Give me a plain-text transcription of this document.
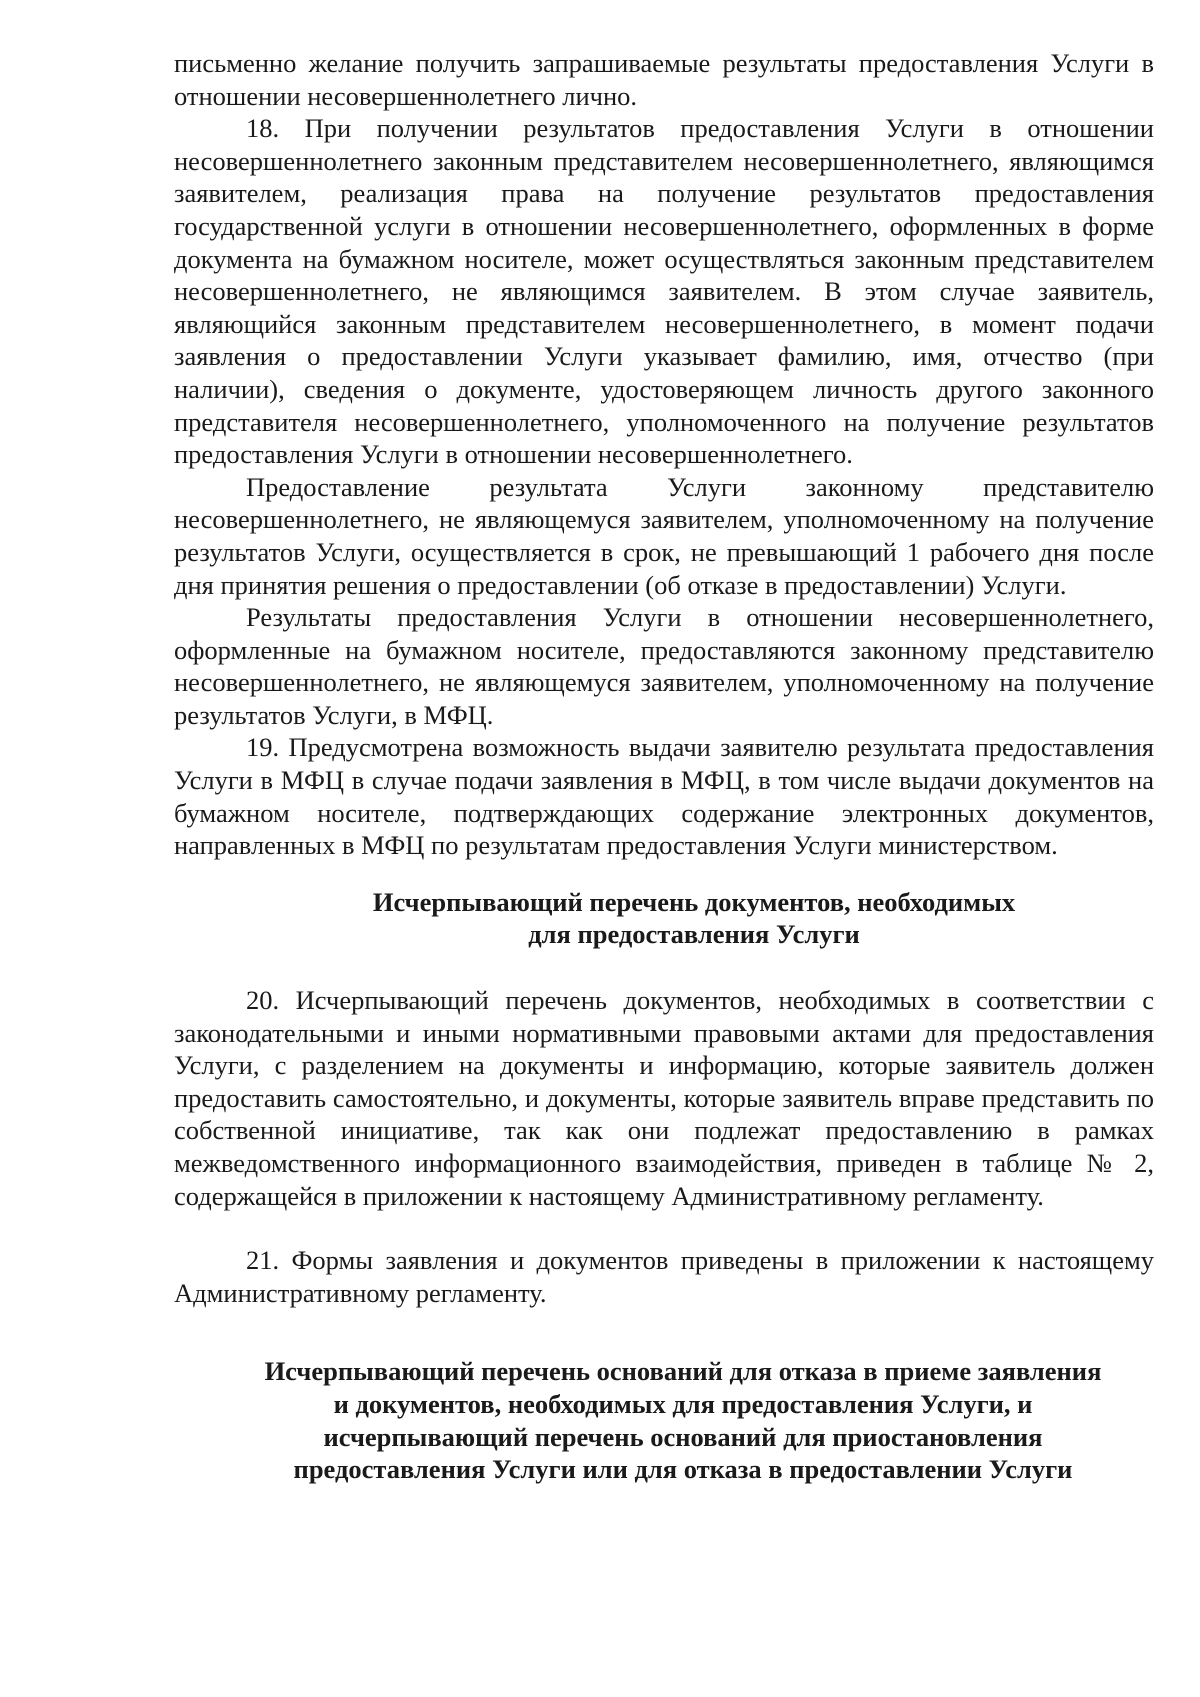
письменно желание получить запрашиваемые результаты предоставления Услуги в отношении несовершеннолетнего лично.

18. При получении результатов предоставления Услуги в отношении несовершеннолетнего законным представителем несовершеннолетнего, являющимся заявителем, реализация права на получение результатов предоставления государственной услуги в отношении несовершеннолетнего, оформленных в форме документа на бумажном носителе, может осуществляться законным представителем несовершеннолетнего, не являющимся заявителем. В этом случае заявитель, являющийся законным представителем несовершеннолетнего, в момент подачи заявления о предоставлении Услуги указывает фамилию, имя, отчество (при наличии), сведения о документе, удостоверяющем личность другого законного представителя несовершеннолетнего, уполномоченного на получение результатов предоставления Услуги в отношении несовершеннолетнего.

Предоставление результата Услуги законному представителю несовершеннолетнего, не являющемуся заявителем, уполномоченному на получение результатов Услуги, осуществляется в срок, не превышающий 1 рабочего дня после дня принятия решения о предоставлении (об отказе в предоставлении) Услуги.

Результаты предоставления Услуги в отношении несовершеннолетнего, оформленные на бумажном носителе, предоставляются законному представителю несовершеннолетнего, не являющемуся заявителем, уполномоченному на получение результатов Услуги, в МФЦ.

19. Предусмотрена возможность выдачи заявителю результата предоставления Услуги в МФЦ в случае подачи заявления в МФЦ, в том числе выдачи документов на бумажном носителе, подтверждающих содержание электронных документов, направленных в МФЦ по результатам предоставления Услуги министерством.

Исчерпывающий перечень документов, необходимых
для предоставления Услуги

20. Исчерпывающий перечень документов, необходимых в соответствии с законодательными и иными нормативными правовыми актами для предоставления Услуги, с разделением на документы и информацию, которые заявитель должен предоставить самостоятельно, и документы, которые заявитель вправе представить по собственной инициативе, так как они подлежат предоставлению в рамках межведомственного информационного взаимодействия, приведен в таблице № 2, содержащейся в приложении к настоящему Административному регламенту.

21. Формы заявления и документов приведены в приложении к настоящему Административному регламенту.

Исчерпывающий перечень оснований для отказа в приеме заявления
и документов, необходимых для предоставления Услуги, и
исчерпывающий перечень оснований для приостановления
предоставления Услуги или для отказа в предоставлении Услуги
